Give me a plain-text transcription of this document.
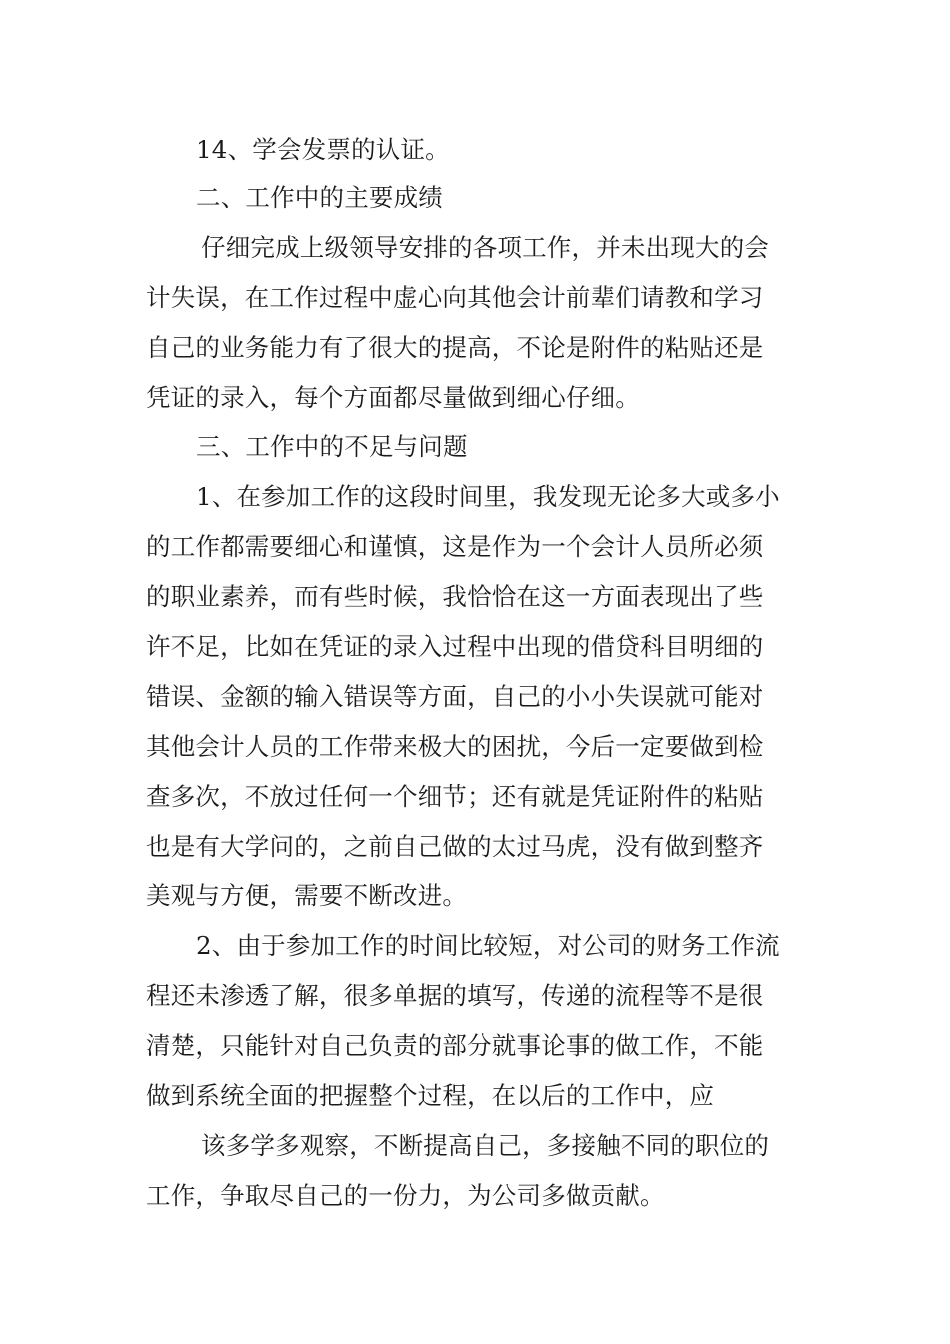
14、学会发票的认证。
二、工作中的主要成绩
仔细完成上级领导安排的各项工作，并未出现大的会
计失误，在工作过程中虚心向其他会计前辈们请教和学习
自己的业务能力有了很大的提高，不论是附件的粘贴还是
凭证的录入，每个方面都尽量做到细心仔细。
三、工作中的不足与问题
1、在参加工作的这段时间里，我发现无论多大或多小
的工作都需要细心和谨慎，这是作为一个会计人员所必须
的职业素养，而有些时候，我恰恰在这一方面表现出了些
许不足，比如在凭证的录入过程中出现的借贷科目明细的
错误、金额的输入错误等方面，自己的小小失误就可能对
其他会计人员的工作带来极大的困扰，今后一定要做到检
查多次，不放过任何一个细节；还有就是凭证附件的粘贴
也是有大学问的，之前自己做的太过马虎，没有做到整齐
美观与方便，需要不断改进。
2、由于参加工作的时间比较短，对公司的财务工作流
程还未渗透了解，很多单据的填写，传递的流程等不是很
清楚，只能针对自己负责的部分就事论事的做工作，不能
做到系统全面的把握整个过程，在以后的工作中，应
该多学多观察，不断提高自己，多接触不同的职位的
工作，争取尽自己的一份力，为公司多做贡献。
